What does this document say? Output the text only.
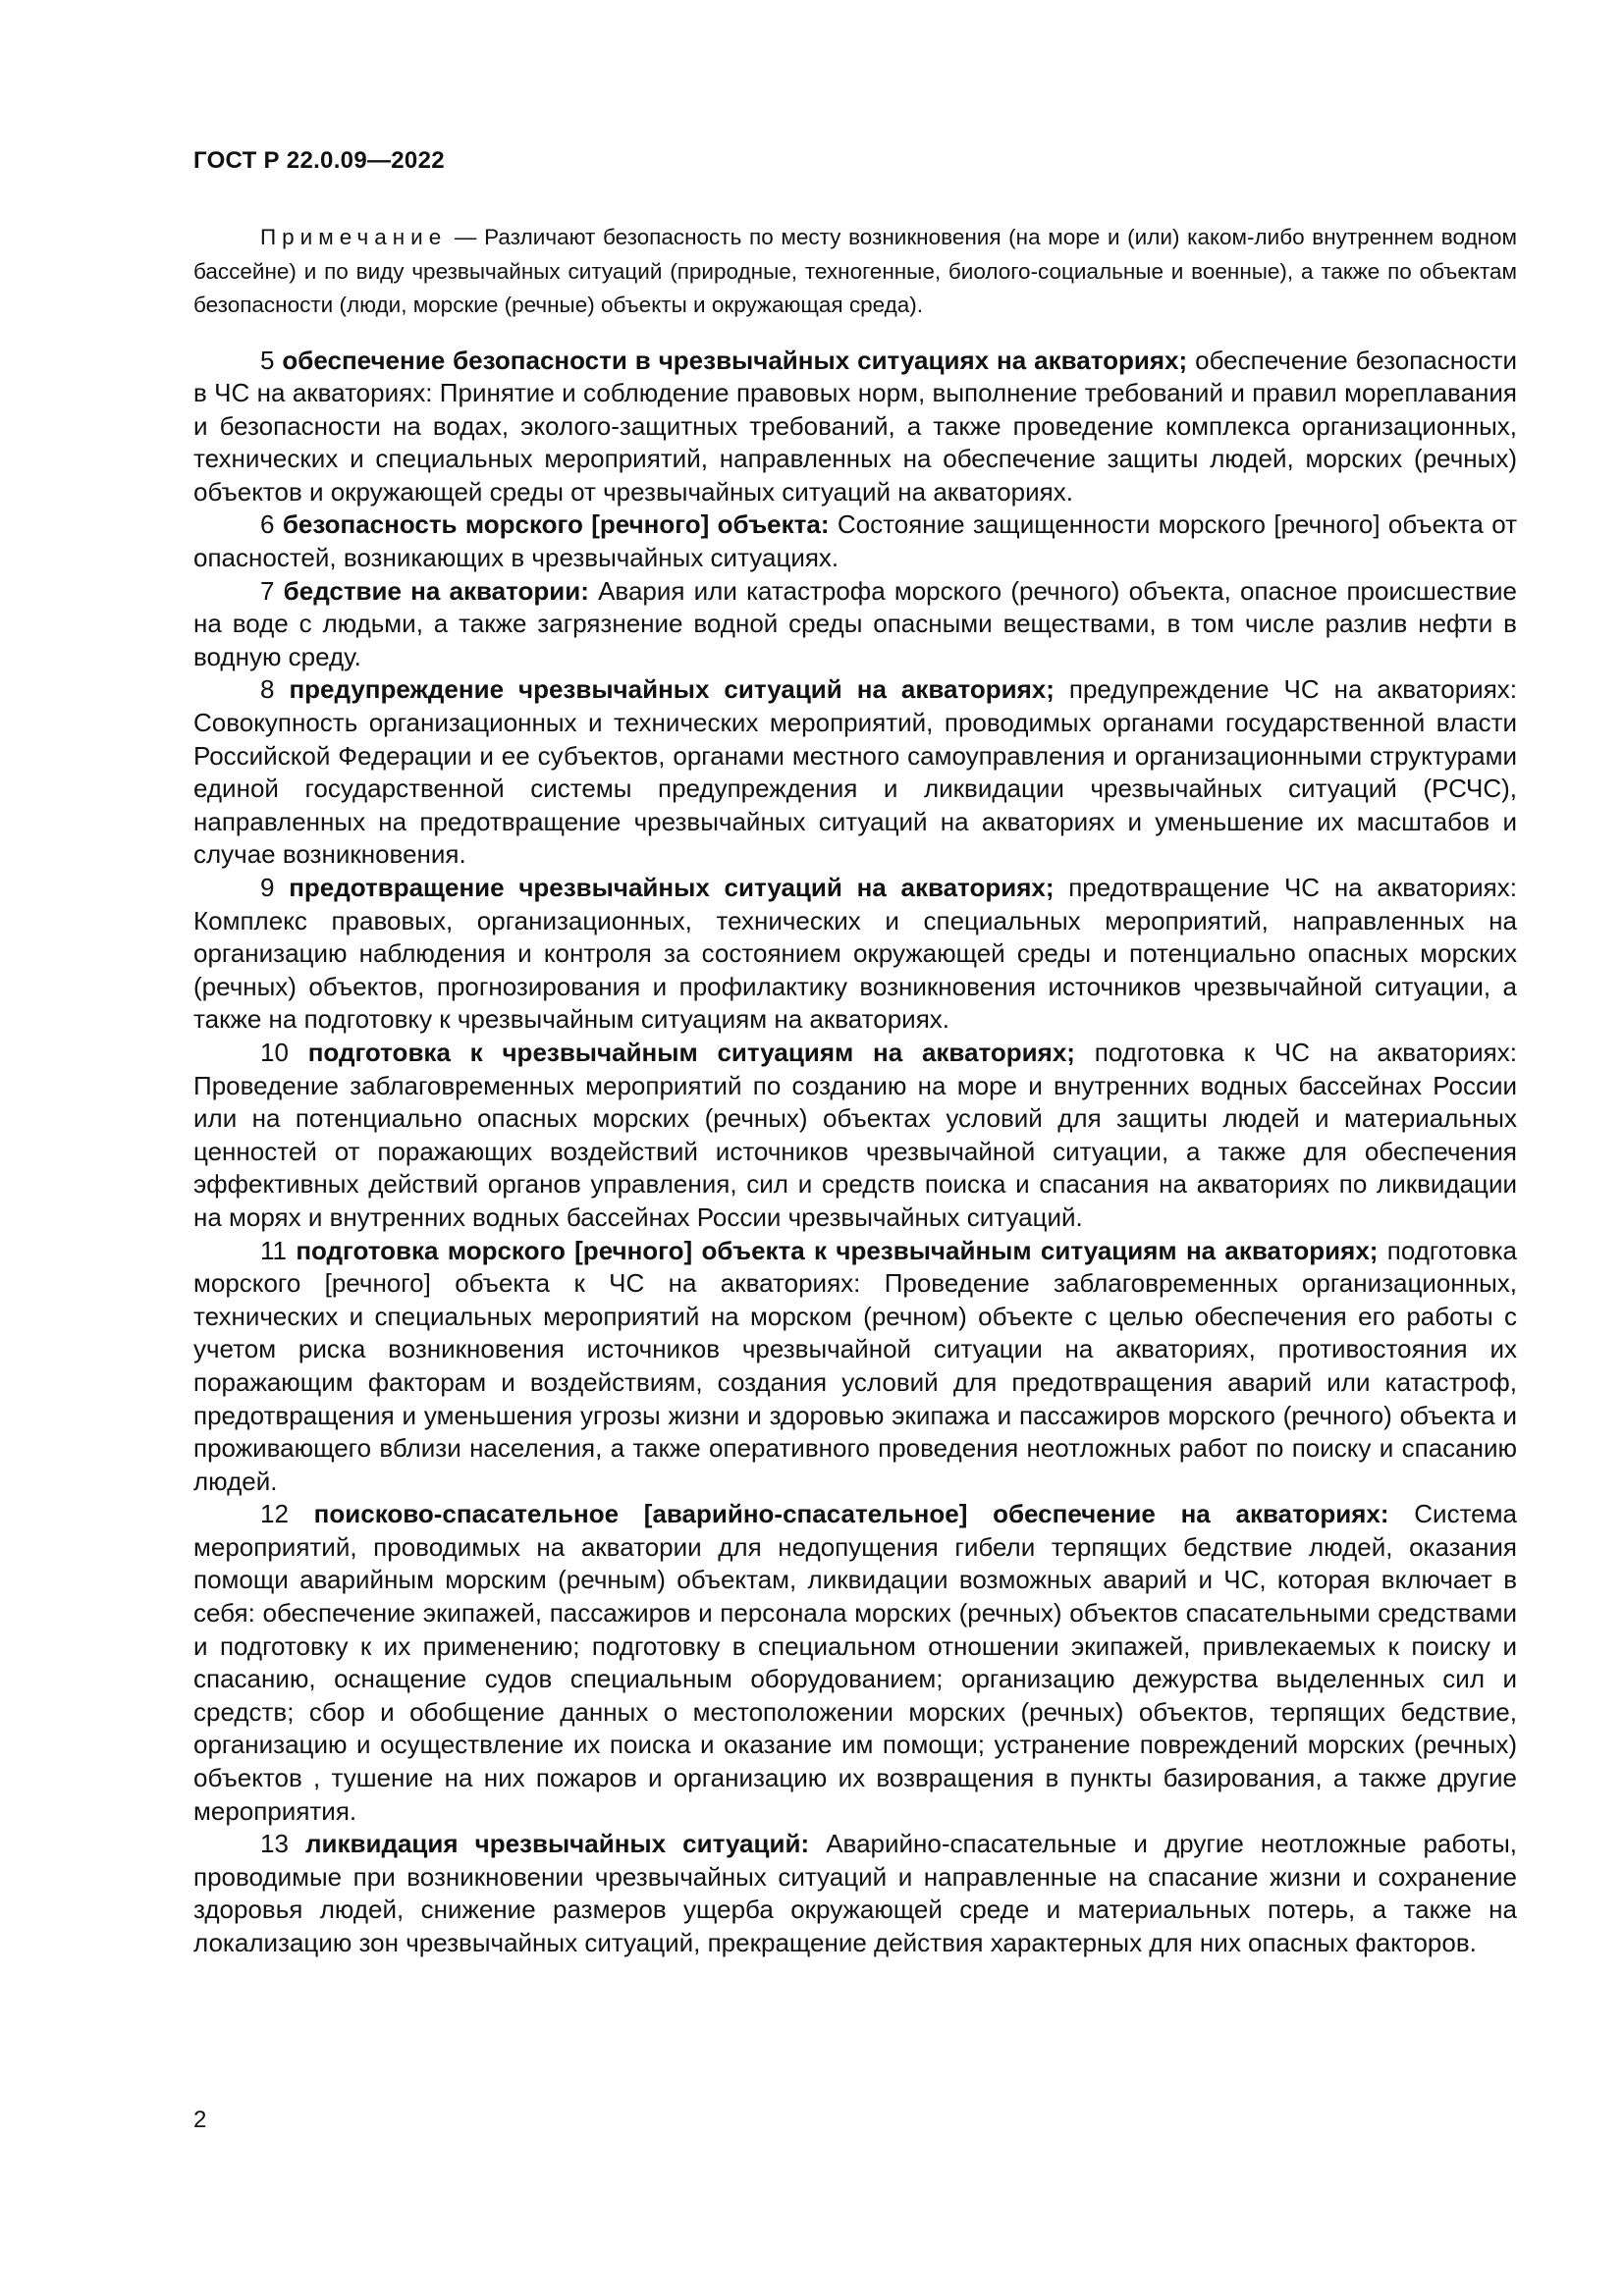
ГОСТ Р 22.0.09—2022

Примечание — Различают безопасность по месту возникновения (на море и (или) каком-либо внутреннем водном бассейне) и по виду чрезвычайных ситуаций (природные, техногенные, биолого-социальные и военные), а также по объектам безопасности (люди, морские (речные) объекты и окружающая среда).

5 обеспечение безопасности в чрезвычайных ситуациях на акваториях; обеспечение безопасности в ЧС на акваториях: Принятие и соблюдение правовых норм, выполнение требований и правил мореплавания и безопасности на водах, эколого-защитных требований, а также проведение комплекса организационных, технических и специальных мероприятий, направленных на обеспечение защиты людей, морских (речных) объектов и окружающей среды от чрезвычайных ситуаций на акваториях.

6 безопасность морского [речного] объекта: Состояние защищенности морского [речного] объекта от опасностей, возникающих в чрезвычайных ситуациях.

7 бедствие на акватории: Авария или катастрофа морского (речного) объекта, опасное происшествие на воде с людьми, а также загрязнение водной среды опасными веществами, в том числе разлив нефти в водную среду.

8 предупреждение чрезвычайных ситуаций на акваториях; предупреждение ЧС на акваториях: Совокупность организационных и технических мероприятий, проводимых органами государственной власти Российской Федерации и ее субъектов, органами местного самоуправления и организационными структурами единой государственной системы предупреждения и ликвидации чрезвычайных ситуаций (РСЧС), направленных на предотвращение чрезвычайных ситуаций на акваториях и уменьшение их масштабов и случае возникновения.

9 предотвращение чрезвычайных ситуаций на акваториях; предотвращение ЧС на акваториях: Комплекс правовых, организационных, технических и специальных мероприятий, направленных на организацию наблюдения и контроля за состоянием окружающей среды и потенциально опасных морских (речных) объектов, прогнозирования и профилактику возникновения источников чрезвычайной ситуации, а также на подготовку к чрезвычайным ситуациям на акваториях.

10 подготовка к чрезвычайным ситуациям на акваториях; подготовка к ЧС на акваториях: Проведение заблаговременных мероприятий по созданию на море и внутренних водных бассейнах России или на потенциально опасных морских (речных) объектах условий для защиты людей и материальных ценностей от поражающих воздействий источников чрезвычайной ситуации, а также для обеспечения эффективных действий органов управления, сил и средств поиска и спасания на акваториях по ликвидации на морях и внутренних водных бассейнах России чрезвычайных ситуаций.

11 подготовка морского [речного] объекта к чрезвычайным ситуациям на акваториях; подготовка морского [речного] объекта к ЧС на акваториях: Проведение заблаговременных организационных, технических и специальных мероприятий на морском (речном) объекте с целью обеспечения его работы с учетом риска возникновения источников чрезвычайной ситуации на акваториях, противостояния их поражающим факторам и воздействиям, создания условий для предотвращения аварий или катастроф, предотвращения и уменьшения угрозы жизни и здоровью экипажа и пассажиров морского (речного) объекта и проживающего вблизи населения, а также оперативного проведения неотложных работ по поиску и спасанию людей.

12 поисково-спасательное [аварийно-спасательное] обеспечение на акваториях: Система мероприятий, проводимых на акватории для недопущения гибели терпящих бедствие людей, оказания помощи аварийным морским (речным) объектам, ликвидации возможных аварий и ЧС, которая включает в себя: обеспечение экипажей, пассажиров и персонала морских (речных) объектов спасательными средствами и подготовку к их применению; подготовку в специальном отношении экипажей, привлекаемых к поиску и спасанию, оснащение судов специальным оборудованием; организацию дежурства выделенных сил и средств; сбор и обобщение данных о местоположении морских (речных) объектов, терпящих бедствие, организацию и осуществление их поиска и оказание им помощи; устранение повреждений морских (речных) объектов , тушение на них пожаров и организацию их возвращения в пункты базирования, а также другие мероприятия.

13 ликвидация чрезвычайных ситуаций: Аварийно-спасательные и другие неотложные работы, проводимые при возникновении чрезвычайных ситуаций и направленные на спасание жизни и сохранение здоровья людей, снижение размеров ущерба окружающей среде и материальных потерь, а также на локализацию зон чрезвычайных ситуаций, прекращение действия характерных для них опасных факторов.

2
